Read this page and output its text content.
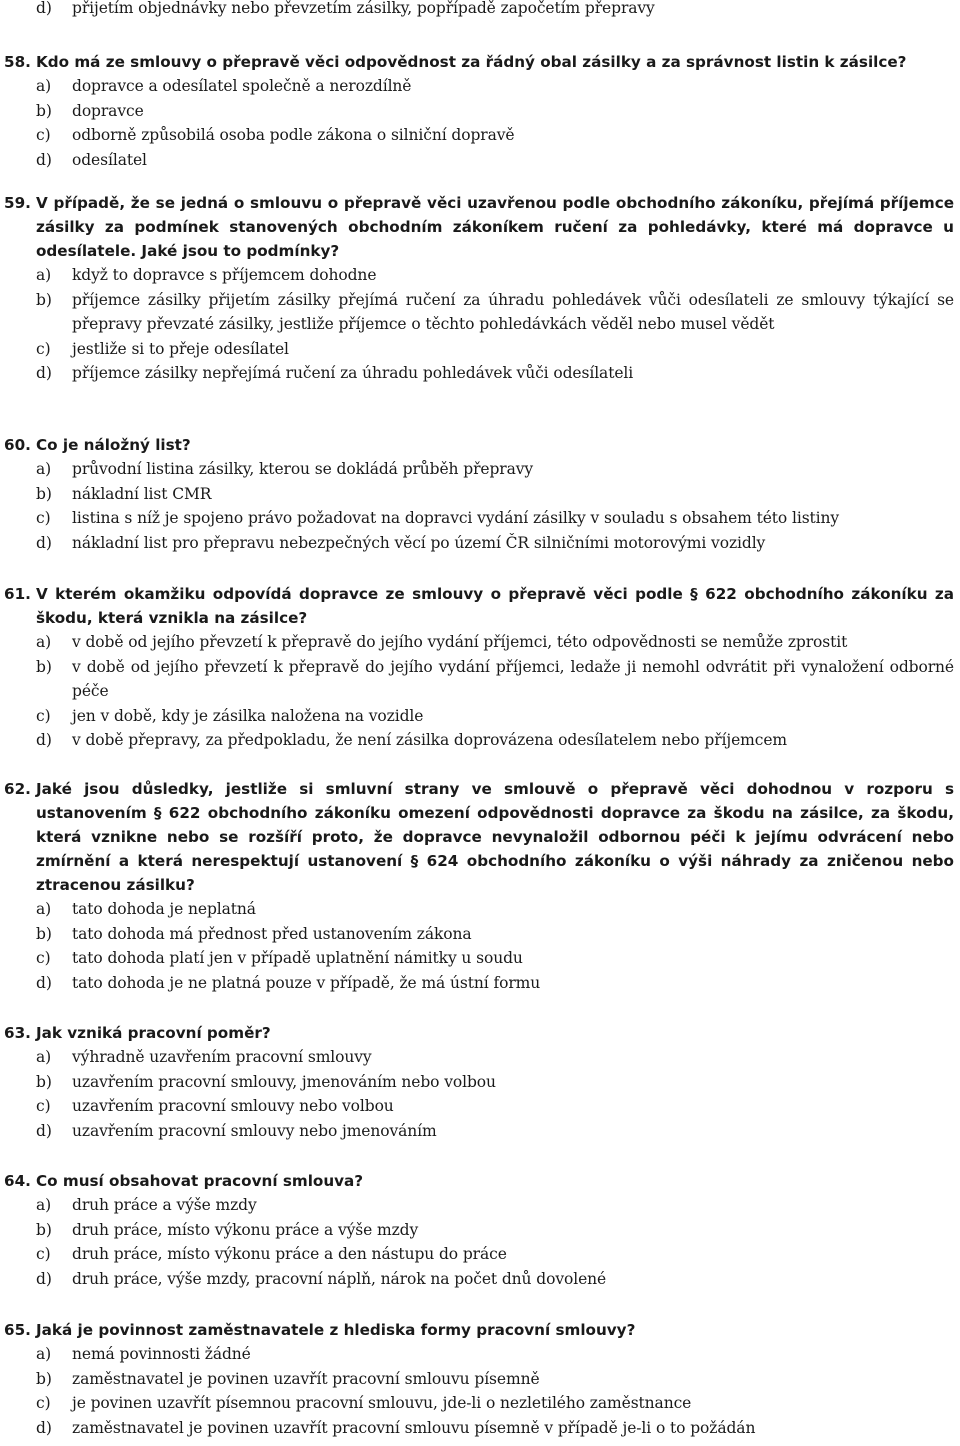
d) přijetím objednávky nebo převzetím zásilky, popřípadě započetím přepravy
58. Kdo má ze smlouvy o přepravě věci odpovědnost za řádný obal zásilky a za správnost listin k zásilce?
a) dopravce a odesílatel společně a nerozdílně
b) dopravce
c) odborně způsobilá osoba podle zákona o silniční dopravě
d) odesílatel
59. V případě, že se jedná o smlouvu o přepravě věci uzavřenou podle obchodního zákoníku, přejímá příjemce zásilky za podmínek stanovených obchodním zákoníkem ručení za pohledávky, které má dopravce u odesílatele. Jaké jsou to podmínky?
a) když to dopravce s příjemcem dohodne
b) příjemce zásilky přijetím zásilky přejímá ručení za úhradu pohledávek vůči odesílateli ze smlouvy týkající se přepravy převzaté zásilky, jestliže příjemce o těchto pohledávkách věděl nebo musel vědět
c) jestliže si to přeje odesílatel
d) příjemce zásilky nepřejímá ručení za úhradu pohledávek vůči odesílateli
60. Co je náložný list?
a) průvodní listina zásilky, kterou se dokládá průběh přepravy
b) nákladní list CMR
c) listina s níž je spojeno právo požadovat na dopravci vydání zásilky v souladu s obsahem této listiny
d) nákladní list pro přepravu nebezpečných věcí po území ČR silničními motorovými vozidly
61. V kterém okamžiku odpovídá dopravce ze smlouvy o přepravě věci podle § 622 obchodního zákoníku za škodu, která vznikla na zásilce?
a) v době od jejího převzetí k přepravě do jejího vydání příjemci, této odpovědnosti se nemůže zprostit
b) v době od jejího převzetí k přepravě do jejího vydání příjemci, ledaže ji nemohl odvrátit při vynaložení odborné péče
c) jen v době, kdy je zásilka naložena na vozidle
d) v době přepravy, za předpokladu, že není zásilka doprovázena odesílatelem nebo příjemcem
62. Jaké jsou důsledky, jestliže si smluvní strany ve smlouvě o přepravě věci dohodnou v rozporu s ustanovením § 622 obchodního zákoníku omezení odpovědnosti dopravce za škodu na zásilce, za škodu, která vznikne nebo se rozšíří proto, že dopravce nevynaložil odbornou péči k jejímu odvrácení nebo zmírnění a která nerespektují ustanovení § 624 obchodního zákoníku o výši náhrady za zničenou nebo ztracenou zásilku?
a) tato dohoda je neplatná
b) tato dohoda má přednost před ustanovením zákona
c) tato dohoda platí jen v případě uplatnění námitky u soudu
d) tato dohoda je ne platná pouze v případě, že má ústní formu
63. Jak vzniká pracovní poměr?
a) výhradně uzavřením pracovní smlouvy
b) uzavřením pracovní smlouvy, jmenováním nebo volbou
c) uzavřením pracovní smlouvy nebo volbou
d) uzavřením pracovní smlouvy nebo jmenováním
64. Co musí obsahovat pracovní smlouva?
a) druh práce a výše mzdy
b) druh práce, místo výkonu práce a výše mzdy
c) druh práce, místo výkonu práce a den nástupu do práce
d) druh práce, výše mzdy, pracovní náplň, nárok na počet dnů dovolené
65. Jaká je povinnost zaměstnavatele z hlediska formy pracovní smlouvy?
a) nemá povinnosti žádné
b) zaměstnavatel je povinen uzavřít pracovní smlouvu písemně
c) je povinen uzavřít písemnou pracovní smlouvu, jde-li o nezletilého zaměstnance
d) zaměstnavatel je povinen uzavřít pracovní smlouvu písemně v případě je-li o to požádán
